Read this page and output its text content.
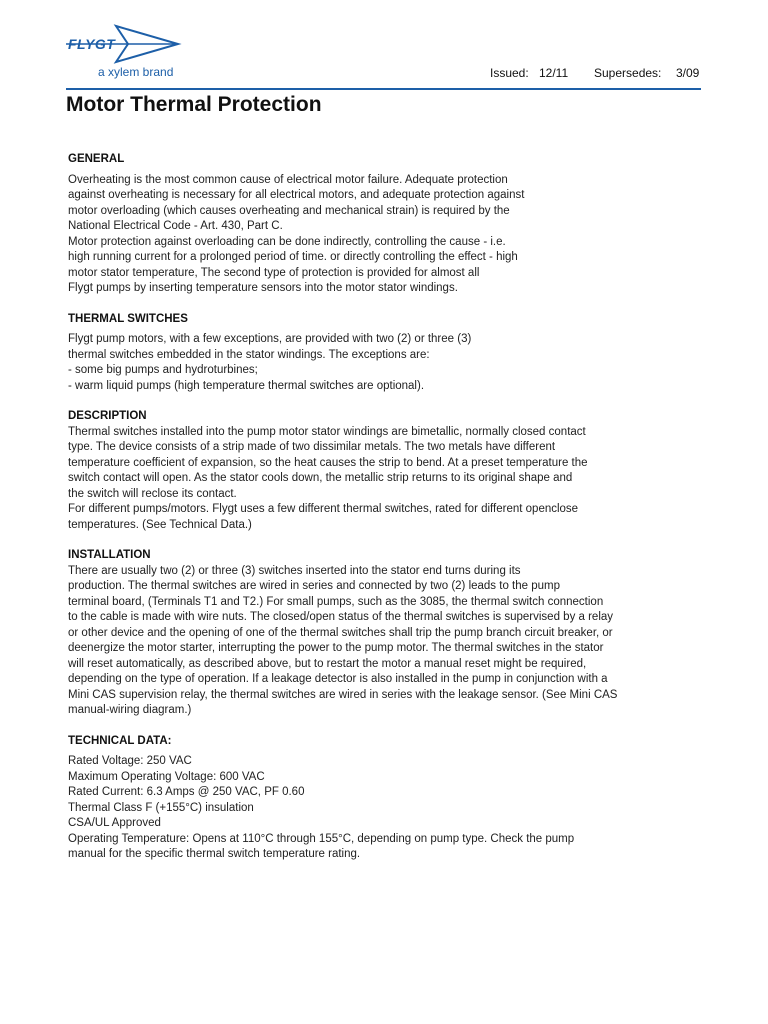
FLYGT
a xylem brand	Issued: 12/11 Supersedes: 3/09
Motor Thermal Protection
GENERAL

Overheating is the most common cause of electrical motor failure. Adequate protection
against overheating is necessary for all electrical motors, and adequate protection against
motor overloading (which causes overheating and mechanical strain) is required by the
National Electrical Code - Art. 430, Part C.
Motor protection against overloading can be done indirectly, controlling the cause - i.e.
high running current for a prolonged period of time. or directly controlling the effect - high
motor stator temperature, The second type of protection is provided for almost all
Flygt pumps by inserting temperature sensors into the motor stator windings.

THERMAL SWITCHES

Flygt pump motors, with a few exceptions, are provided with two (2) or three (3)
thermal switches embedded in the stator windings. The exceptions are:
- some big pumps and hydroturbines;
- warm liquid pumps (high temperature thermal switches are optional).

DESCRIPTION

Thermal switches installed into the pump motor stator windings are bimetallic, normally closed contact
type. The device consists of a strip made of two dissimilar metals. The two metals have different
temperature coefficient of expansion, so the heat causes the strip to bend. At a preset temperature the
switch contact will open. As the stator cools down, the metallic strip returns to its original shape and
the switch will reclose its contact.
For different pumps/motors. Flygt uses a few different thermal switches, rated for different openclose
temperatures. (See Technical Data.)

INSTALLATION

There are usually two (2) or three (3) switches inserted into the stator end turns during its
production. The thermal switches are wired in series and connected by two (2) leads to the pump
terminal board, (Terminals T1 and T2.) For small pumps, such as the 3085, the thermal switch connection
to the cable is made with wire nuts. The closed/open status of the thermal switches is supervised by a relay
or other device and the opening of one of the thermal switches shall trip the pump branch circuit breaker, or
deenergize the motor starter, interrupting the power to the pump motor. The thermal switches in the stator
will reset automatically, as described above, but to restart the motor a manual reset might be required,
depending on the type of operation. If a leakage detector is also installed in the pump in conjunction with a
Mini CAS supervision relay, the thermal switches are wired in series with the leakage sensor. (See Mini CAS
manual-wiring diagram.)

TECHNICAL DATA:

Rated Voltage: 250 VAC
Maximum Operating Voltage: 600 VAC
Rated Current: 6.3 Amps @ 250 VAC, PF 0.60
Thermal Class F (+155°C) insulation
CSA/UL Approved
Operating Temperature: Opens at 110°C through 155°C, depending on pump type. Check the pump
manual for the specific thermal switch temperature rating.
